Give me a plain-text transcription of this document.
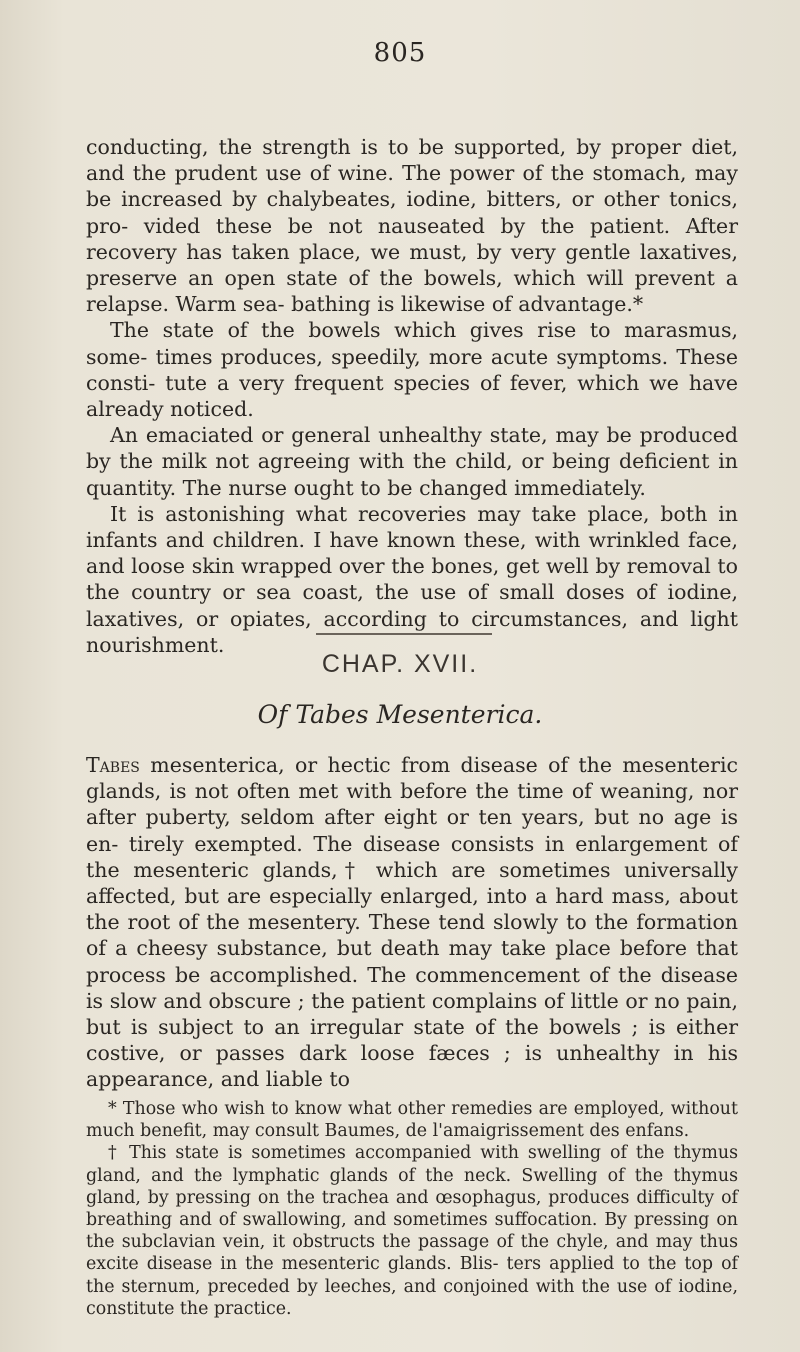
805

conducting, the strength is to be supported, by proper diet, and the prudent use of wine. The power of the stomach, may be increased by chalybeates, iodine, bitters, or other tonics, pro- vided these be not nauseated by the patient. After recovery has taken place, we must, by very gentle laxatives, preserve an open state of the bowels, which will prevent a relapse. Warm sea- bathing is likewise of advantage.*

The state of the bowels which gives rise to marasmus, some- times produces, speedily, more acute symptoms. These consti- tute a very frequent species of fever, which we have already noticed.

An emaciated or general unhealthy state, may be produced by the milk not agreeing with the child, or being deficient in quantity. The nurse ought to be changed immediately.

It is astonishing what recoveries may take place, both in infants and children. I have known these, with wrinkled face, and loose skin wrapped over the bones, get well by removal to the country or sea coast, the use of small doses of iodine, laxatives, or opiates, according to circumstances, and light nourishment.

CHAP. XVII.
Of Tabes Mesenterica.

Tabes mesenterica, or hectic from disease of the mesenteric glands, is not often met with before the time of weaning, nor after puberty, seldom after eight or ten years, but no age is en- tirely exempted. The disease consists in enlargement of the mesenteric glands,† which are sometimes universally affected, but are especially enlarged, into a hard mass, about the root of the mesentery. These tend slowly to the formation of a cheesy substance, but death may take place before that process be accomplished. The commencement of the disease is slow and obscure ; the patient complains of little or no pain, but is subject to an irregular state of the bowels ; is either costive, or passes dark loose fæces ; is unhealthy in his appearance, and liable to

* Those who wish to know what other remedies are employed, without much benefit, may consult Baumes, de l'amaigrissement des enfans.

† This state is sometimes accompanied with swelling of the thymus gland, and the lymphatic glands of the neck. Swelling of the thymus gland, by pressing on the trachea and œsophagus, produces difficulty of breathing and of swallowing, and sometimes suffocation. By pressing on the subclavian vein, it obstructs the passage of the chyle, and may thus excite disease in the mesenteric glands. Blis- ters applied to the top of the sternum, preceded by leeches, and conjoined with the use of iodine, constitute the practice.
